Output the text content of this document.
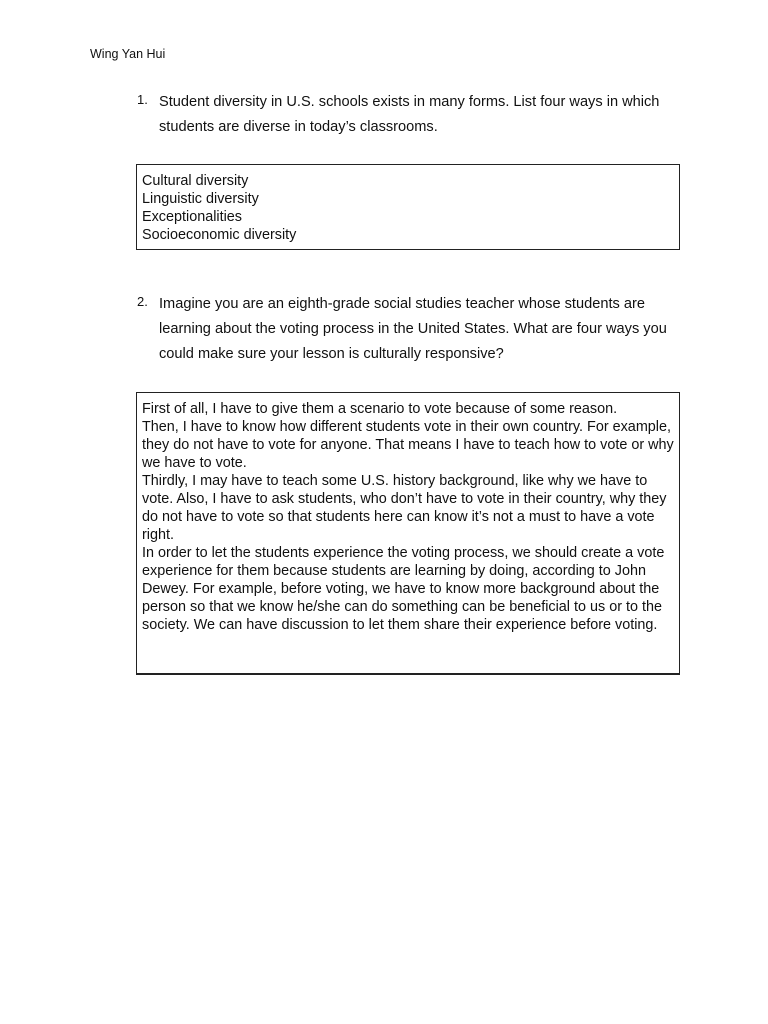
Wing Yan Hui
1. Student diversity in U.S. schools exists in many forms. List four ways in which students are diverse in today’s classrooms.
Cultural diversity
Linguistic diversity
Exceptionalities
Socioeconomic diversity
2. Imagine you are an eighth-grade social studies teacher whose students are learning about the voting process in the United States. What are four ways you could make sure your lesson is culturally responsive?

First of all, I have to give them a scenario to vote because of some reason.

Then, I have to know how different students vote in their own country. For example, they do not have to vote for anyone. That means I have to teach how to vote or why we have to vote.

Thirdly, I may have to teach some U.S. history background, like why we have to vote. Also, I have to ask students, who don’t have to vote in their country, why they do not have to vote so that students here can know it’s not a must to have a vote right.

In order to let the students experience the voting process, we should create a vote experience for them because students are learning by doing, according to John Dewey. For example, before voting, we have to know more background about the person so that we know he/she can do something can be beneficial to us or to the society. We can have discussion to let them share their experience before voting.
